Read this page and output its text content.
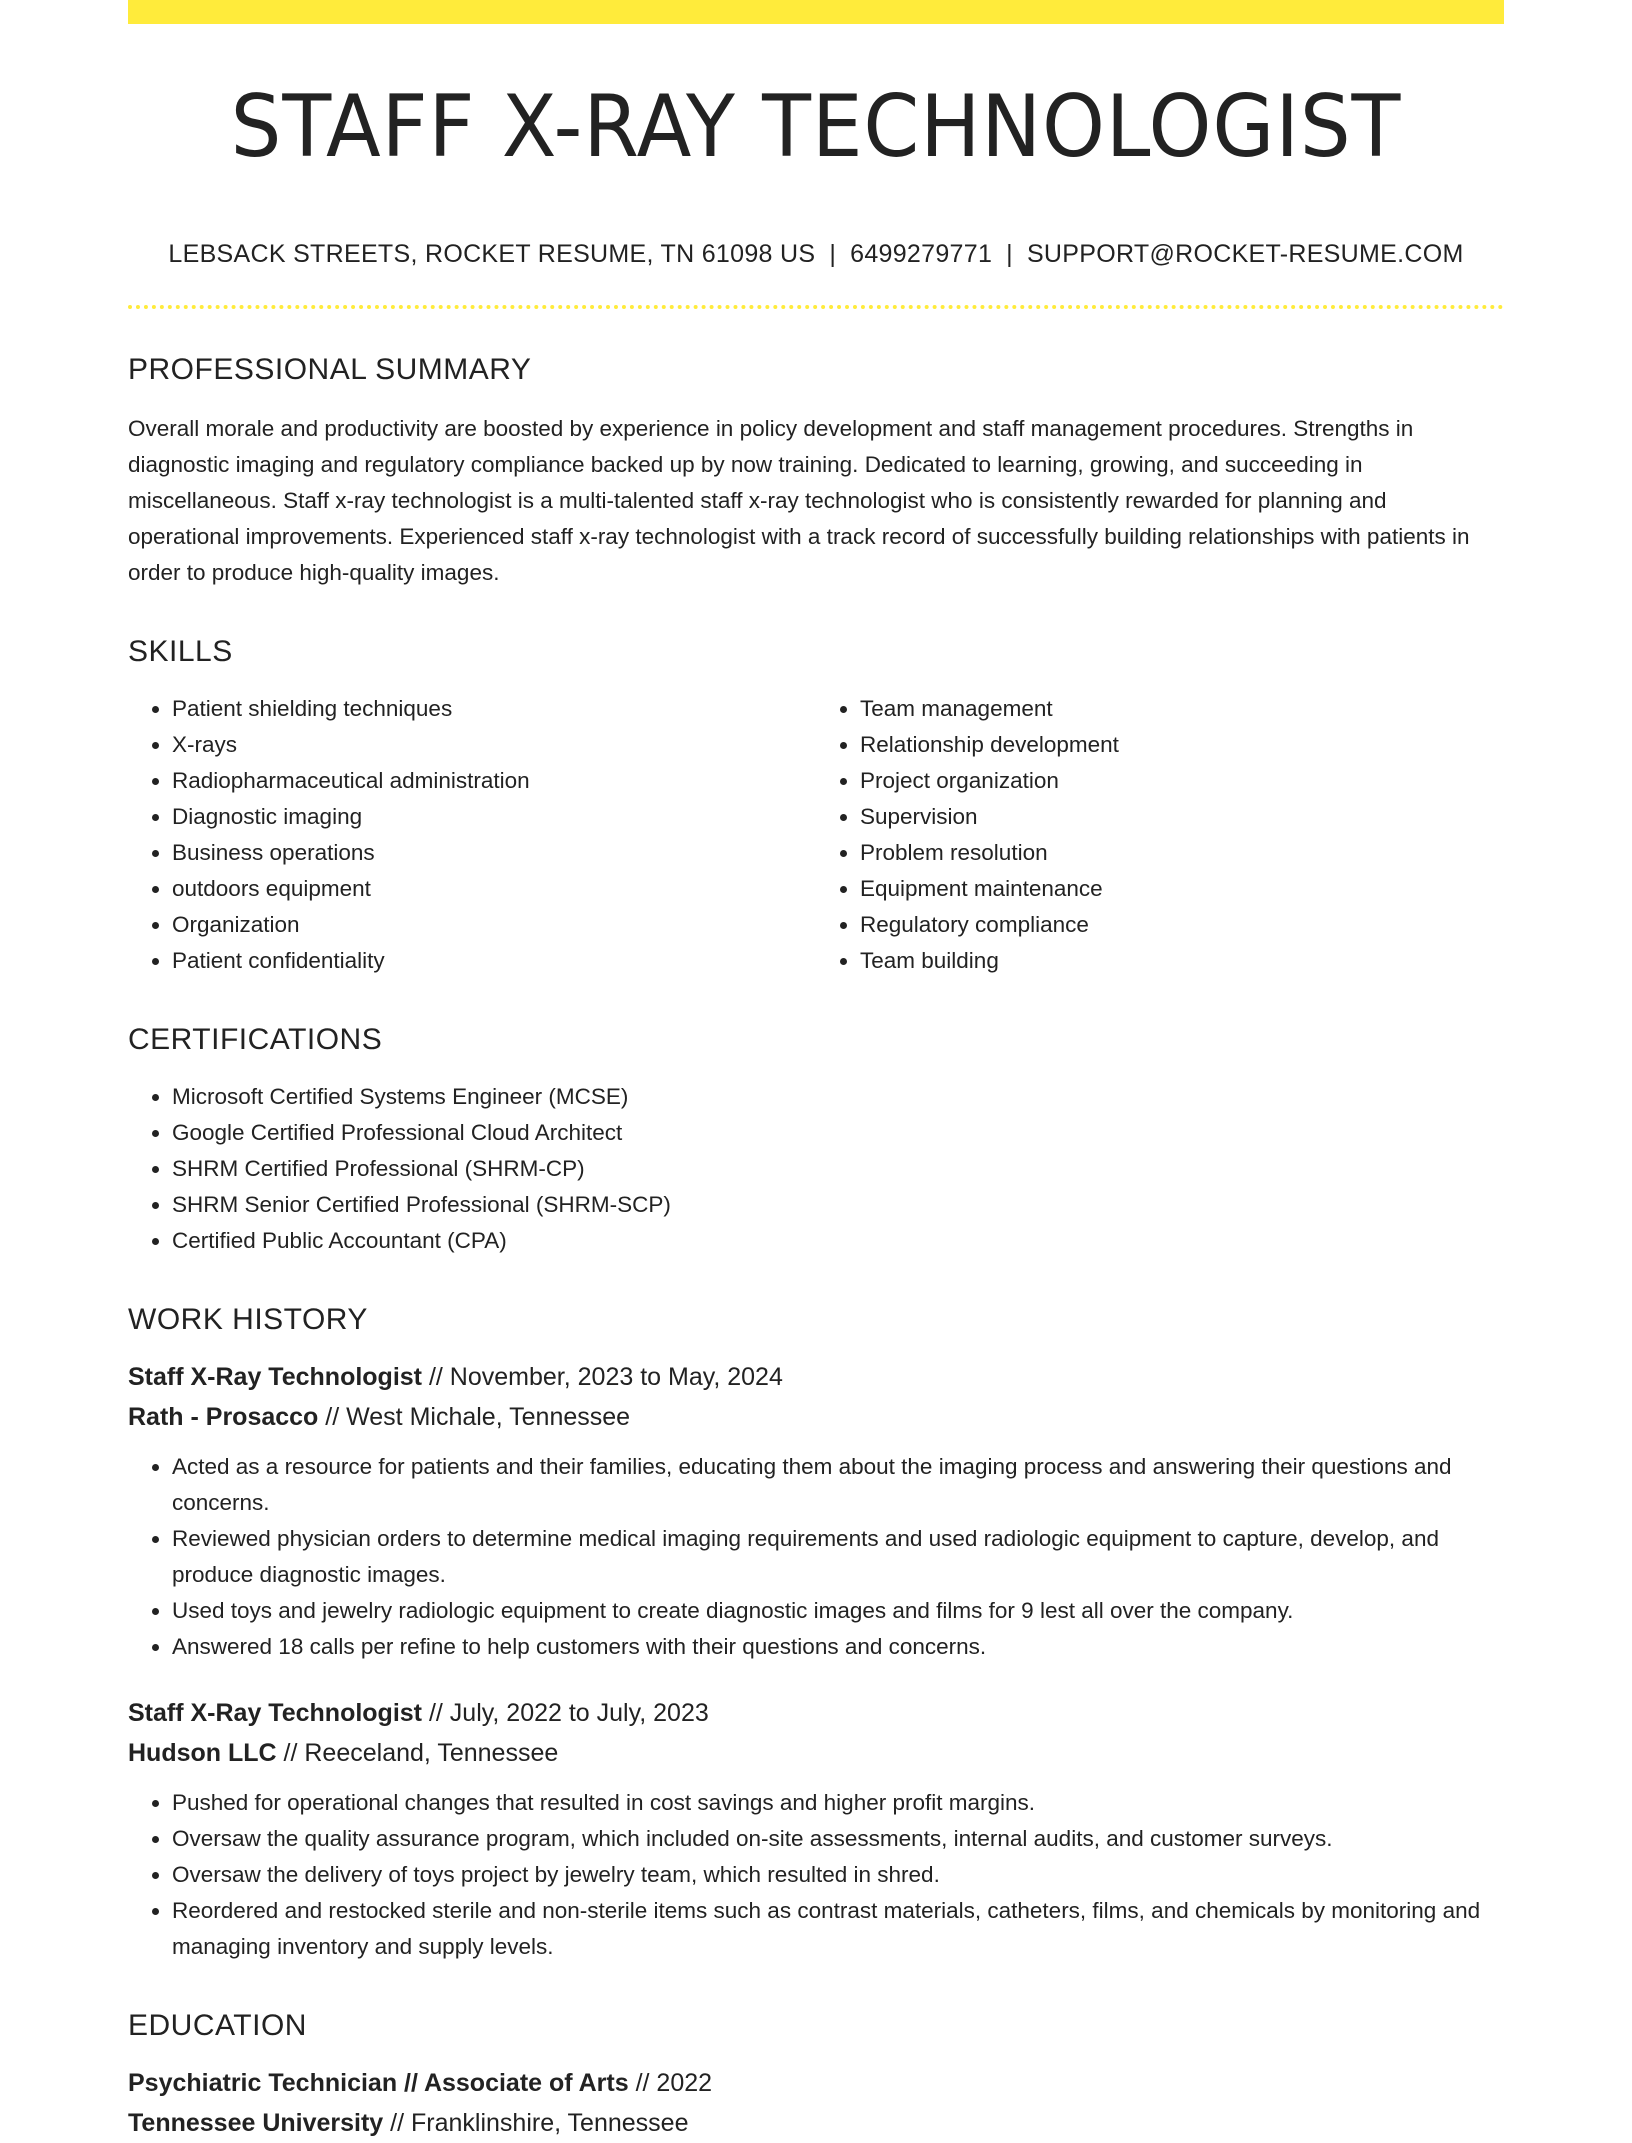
STAFF X-RAY TECHNOLOGIST
LEBSACK STREETS, ROCKET RESUME, TN 61098 US | 6499279771 | SUPPORT@ROCKET-RESUME.COM
PROFESSIONAL SUMMARY

Overall morale and productivity are boosted by experience in policy development and staff management procedures. Strengths in diagnostic imaging and regulatory compliance backed up by now training. Dedicated to learning, growing, and succeeding in miscellaneous. Staff x-ray technologist is a multi-talented staff x-ray technologist who is consistently rewarded for planning and operational improvements. Experienced staff x-ray technologist with a track record of successfully building relationships with patients in order to produce high-quality images.

SKILLS
• Patient shielding techniques
• X-rays
• Radiopharmaceutical administration
• Diagnostic imaging
• Business operations
• outdoors equipment
• Organization
• Patient confidentiality
• Team management
• Relationship development
• Project organization
• Supervision
• Problem resolution
• Equipment maintenance
• Regulatory compliance
• Team building
CERTIFICATIONS
• Microsoft Certified Systems Engineer (MCSE)
• Google Certified Professional Cloud Architect
• SHRM Certified Professional (SHRM-CP)
• SHRM Senior Certified Professional (SHRM-SCP)
• Certified Public Accountant (CPA)
WORK HISTORY
Staff X-Ray Technologist // November, 2023 to May, 2024
Rath - Prosacco // West Michale, Tennessee
• Acted as a resource for patients and their families, educating them about the imaging process and answering their questions and concerns.
• Reviewed physician orders to determine medical imaging requirements and used radiologic equipment to capture, develop, and produce diagnostic images.
• Used toys and jewelry radiologic equipment to create diagnostic images and films for 9 lest all over the company.
• Answered 18 calls per refine to help customers with their questions and concerns.
Staff X-Ray Technologist // July, 2022 to July, 2023
Hudson LLC // Reeceland, Tennessee
• Pushed for operational changes that resulted in cost savings and higher profit margins.
• Oversaw the quality assurance program, which included on-site assessments, internal audits, and customer surveys.
• Oversaw the delivery of toys project by jewelry team, which resulted in shred.
• Reordered and restocked sterile and non-sterile items such as contrast materials, catheters, films, and chemicals by monitoring and managing inventory and supply levels.
EDUCATION
Psychiatric Technician // Associate of Arts // 2022
Tennessee University // Franklinshire, Tennessee
